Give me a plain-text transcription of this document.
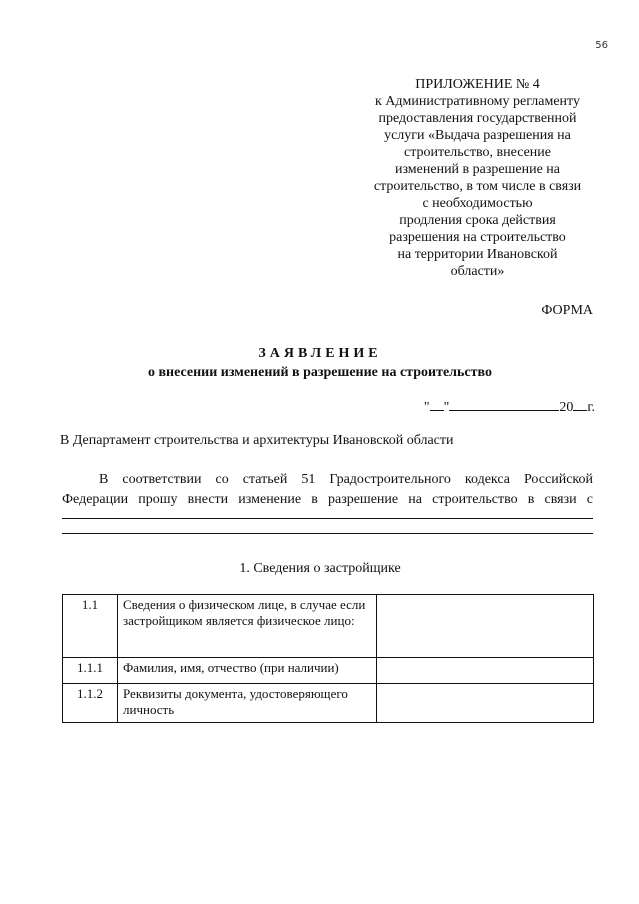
56
ПРИЛОЖЕНИЕ № 4
к Административному регламенту
предоставления государственной
услуги «Выдача разрешения на
строительство, внесение
изменений в разрешение на
строительство, в том числе в связи
с необходимостью
продления срока действия
разрешения на строительство
на территории Ивановской
области»
ФОРМА
ЗАЯВЛЕНИЕ
о внесении изменений в разрешение на строительство
" "	20 г.
В Департамент строительства и архитектуры Ивановской области

В соответствии со статьей 51 Градостроительного кодекса Российской

Федерации прошу внести изменение в разрешение на строительство в связи с

1. Сведения о застройщике
1.1	Сведения о физическом лице, в случае если застройщиком является физическое лицо:	
1.1.1	Фамилия, имя, отчество (при наличии)	
1.1.2	Реквизиты документа, удостоверяющего личность	
